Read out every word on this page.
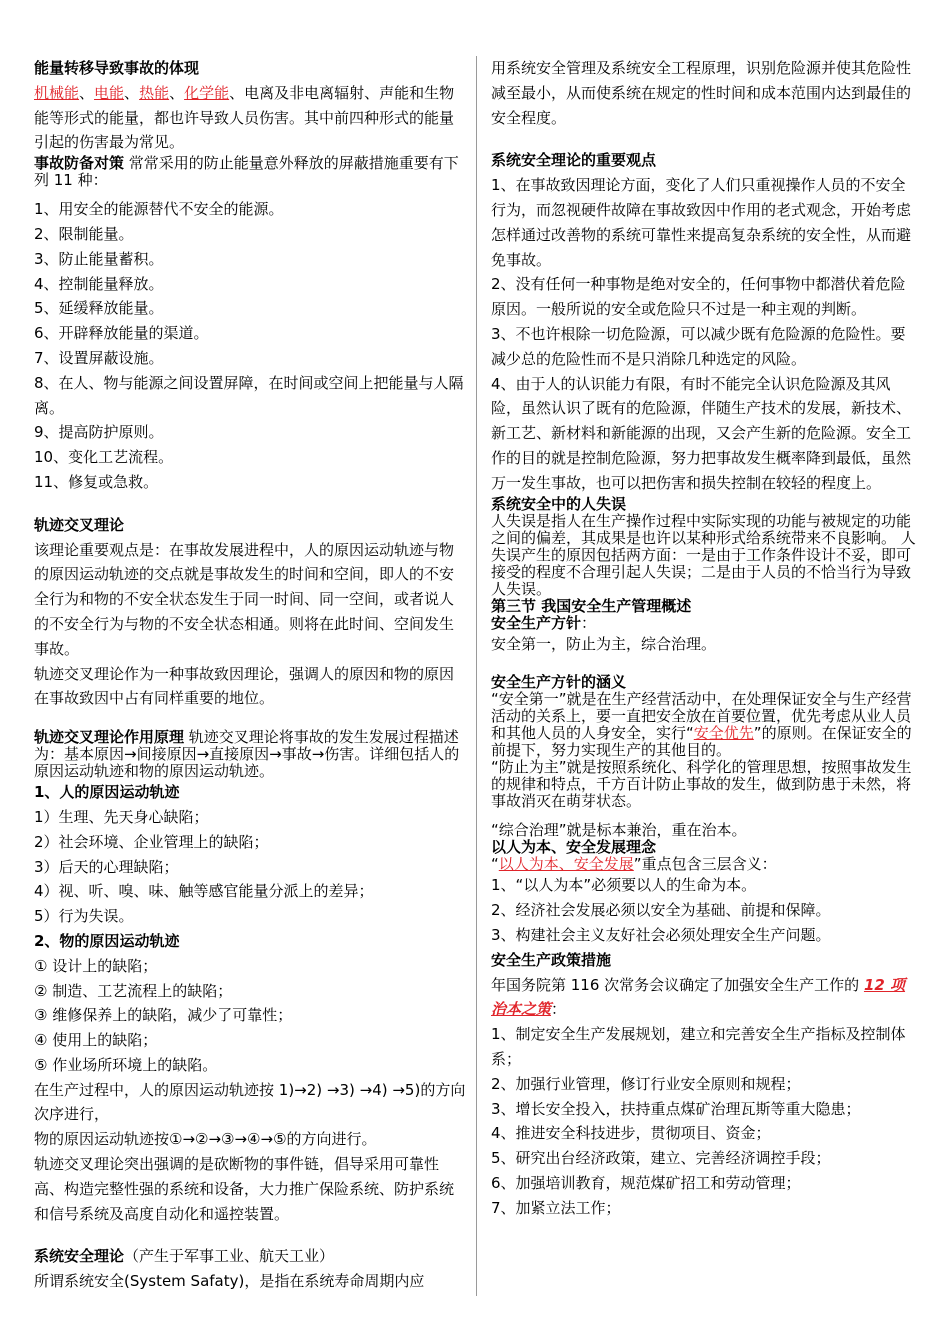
能量转移导致事故的体现

机械能、电能、热能、化学能、电离及非电离辐射、声能和生物能等形式的能量，都也许导致人员伤害。其中前四种形式的能量引起的伤害最为常见。

事故防备对策 常常采用的防止能量意外释放的屏蔽措施重要有下列 11 种：

1、用安全的能源替代不安全的能源。

2、限制能量。

3、防止能量蓄积。

4、控制能量释放。

5、延缓释放能量。

6、开辟释放能量的渠道。

7、设置屏蔽设施。

8、在人、物与能源之间设置屏障，在时间或空间上把能量与人隔离。

9、提高防护原则。

10、变化工艺流程。

11、修复或急救。

轨迹交叉理论

该理论重要观点是：在事故发展进程中，人的原因运动轨迹与物的原因运动轨迹的交点就是事故发生的时间和空间，即人的不安全行为和物的不安全状态发生于同一时间、同一空间，或者说人的不安全行为与物的不安全状态相通。则将在此时间、空间发生事故。

轨迹交叉理论作为一种事故致因理论，强调人的原因和物的原因在事故致因中占有同样重要的地位。

轨迹交叉理论作用原理 轨迹交叉理论将事故的发生发展过程描述为：基本原因→间接原因→直接原因→事故→伤害。详细包括人的原因运动轨迹和物的原因运动轨迹。

1、人的原因运动轨迹

1）生理、先天身心缺陷；

2）社会环境、企业管理上的缺陷；

3）后天的心理缺陷；

4）视、听、嗅、味、触等感官能量分派上的差异；

5）行为失误。

2、物的原因运动轨迹

① 设计上的缺陷；

② 制造、工艺流程上的缺陷；

③ 维修保养上的缺陷，减少了可靠性；

④ 使用上的缺陷；

⑤ 作业场所环境上的缺陷。

在生产过程中，人的原因运动轨迹按 1)→2) →3) →4) →5)的方向次序进行，

物的原因运动轨迹按①→②→③→④→⑤的方向进行。

轨迹交叉理论突出强调的是砍断物的事件链，倡导采用可靠性高、构造完整性强的系统和设备，大力推广保险系统、防护系统和信号系统及高度自动化和遥控装置。

系统安全理论（产生于军事工业、航天工业）

所谓系统安全(System Safaty)，是指在系统寿命周期内应

用系统安全管理及系统安全工程原理，识别危险源并使其危险性减至最小，从而使系统在规定的性时间和成本范围内达到最佳的安全程度。

系统安全理论的重要观点

1、在事故致因理论方面，变化了人们只重视操作人员的不安全行为，而忽视硬件故障在事故致因中作用的老式观念，开始考虑怎样通过改善物的系统可靠性来提高复杂系统的安全性，从而避免事故。

2、没有任何一种事物是绝对安全的，任何事物中都潜伏着危险原因。一般所说的安全或危险只不过是一种主观的判断。

3、不也许根除一切危险源，可以减少既有危险源的危险性。要减少总的危险性而不是只消除几种选定的风险。

4、由于人的认识能力有限，有时不能完全认识危险源及其风险，虽然认识了既有的危险源，伴随生产技术的发展，新技术、新工艺、新材料和新能源的出现，又会产生新的危险源。安全工作的目的就是控制危险源，努力把事故发生概率降到最低，虽然万一发生事故，也可以把伤害和损失控制在较轻的程度上。

系统安全中的人失误

人失误是指人在生产操作过程中实际实现的功能与被规定的功能之间的偏差，其成果是也许以某种形式给系统带来不良影响。 人失误产生的原因包括两方面：一是由于工作条件设计不妥，即可接受的程度不合理引起人失误；二是由于人员的不恰当行为导致人失误。

第三节 我国安全生产管理概述

安全生产方针：

安全第一，防止为主，综合治理。

安全生产方针的涵义

“安全第一”就是在生产经营活动中，在处理保证安全与生产经营活动的关系上，要一直把安全放在首要位置，优先考虑从业人员和其他人员的人身安全，实行“安全优先”的原则。在保证安全的前提下，努力实现生产的其他目的。

“防止为主”就是按照系统化、科学化的管理思想，按照事故发生的规律和特点，千方百计防止事故的发生，做到防患于未然，将事故消灭在萌芽状态。

“综合治理”就是标本兼治，重在治本。

以人为本、安全发展理念

“以人为本、安全发展”重点包含三层含义：

1、“以人为本”必须要以人的生命为本。

2、经济社会发展必须以安全为基础、前提和保障。

3、构建社会主义友好社会必须处理安全生产问题。

安全生产政策措施

年国务院第 116 次常务会议确定了加强安全生产工作的 12 项治本之策：

1、制定安全生产发展规划，建立和完善安全生产指标及控制体系；

2、加强行业管理，修订行业安全原则和规程；

3、增长安全投入，扶持重点煤矿治理瓦斯等重大隐患；

4、推进安全科技进步，贯彻项目、资金；

5、研究出台经济政策，建立、完善经济调控手段；

6、加强培训教育，规范煤矿招工和劳动管理；

7、加紧立法工作；
